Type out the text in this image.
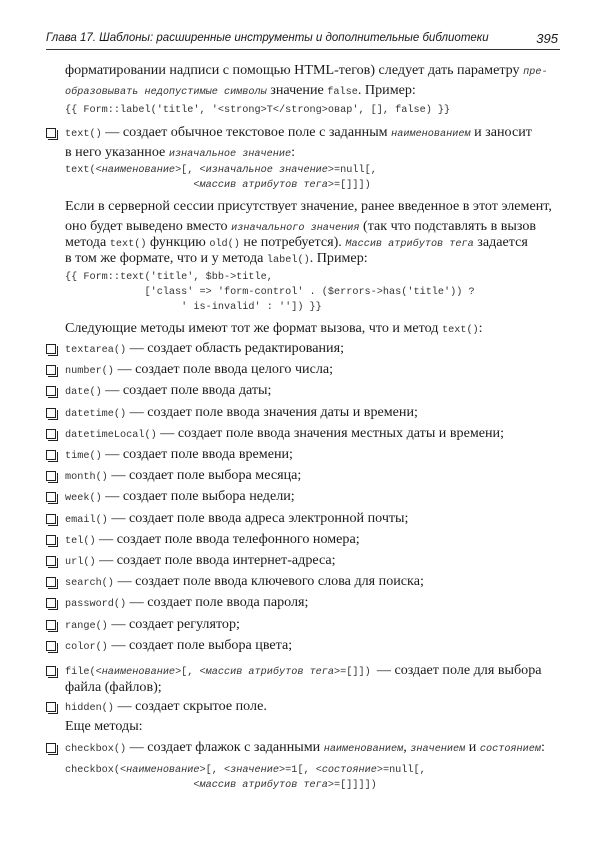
Глава 17. Шаблоны: расширенные инструменты и дополнительные библиотеки	395
форматировании надписи с помощью HTML-тегов) следует дать параметру пре-
образовывать недопустимые символы значение false. Пример:
{{ Form::label('title', '<strong>Т</strong>овар', [], false) }}
text() — создает обычное текстовое поле с заданным наименованием и заносит
в него указанное изначальное значение:
text(<наименование>[, <изначальное значение>=null[,
<массив атрибутов тега>=[]]])
Если в серверной сессии присутствует значение, ранее введенное в этот элемент,
оно будет выведено вместо изначального значения (так что подставлять в вызов
метода text() функцию old() не потребуется). Массив атрибутов тега задается
в том же формате, что и у метода label(). Пример:
{{ Form::text('title', $bb->title,
['class' => 'form-control' . ($errors->has('title')) ?
' is-invalid' : '']) }}
Следующие методы имеют тот же формат вызова, что и метод text():
textarea() — создает область редактирования;
number() — создает поле ввода целого числа;
date() — создает поле ввода даты;
datetime() — создает поле ввода значения даты и времени;
datetimeLocal() — создает поле ввода значения местных даты и времени;
time() — создает поле ввода времени;
month() — создает поле выбора месяца;
week() — создает поле выбора недели;
email() — создает поле ввода адреса электронной почты;
tel() — создает поле ввода телефонного номера;
url() — создает поле ввода интернет-адреса;
search() — создает поле ввода ключевого слова для поиска;
password() — создает поле ввода пароля;
range() — создает регулятор;
color() — создает поле выбора цвета;
file(<наименование>[, <массив атрибутов тега>=[]]) — создает поле для выбора
файла (файлов);
hidden() — создает скрытое поле.
Еще методы:
checkbox() — создает флажок с заданными наименованием, значением и состоянием:
checkbox(<наименование>[, <значение>=1[, <состояние>=null[,
<массив атрибутов тега>=[]]]])
